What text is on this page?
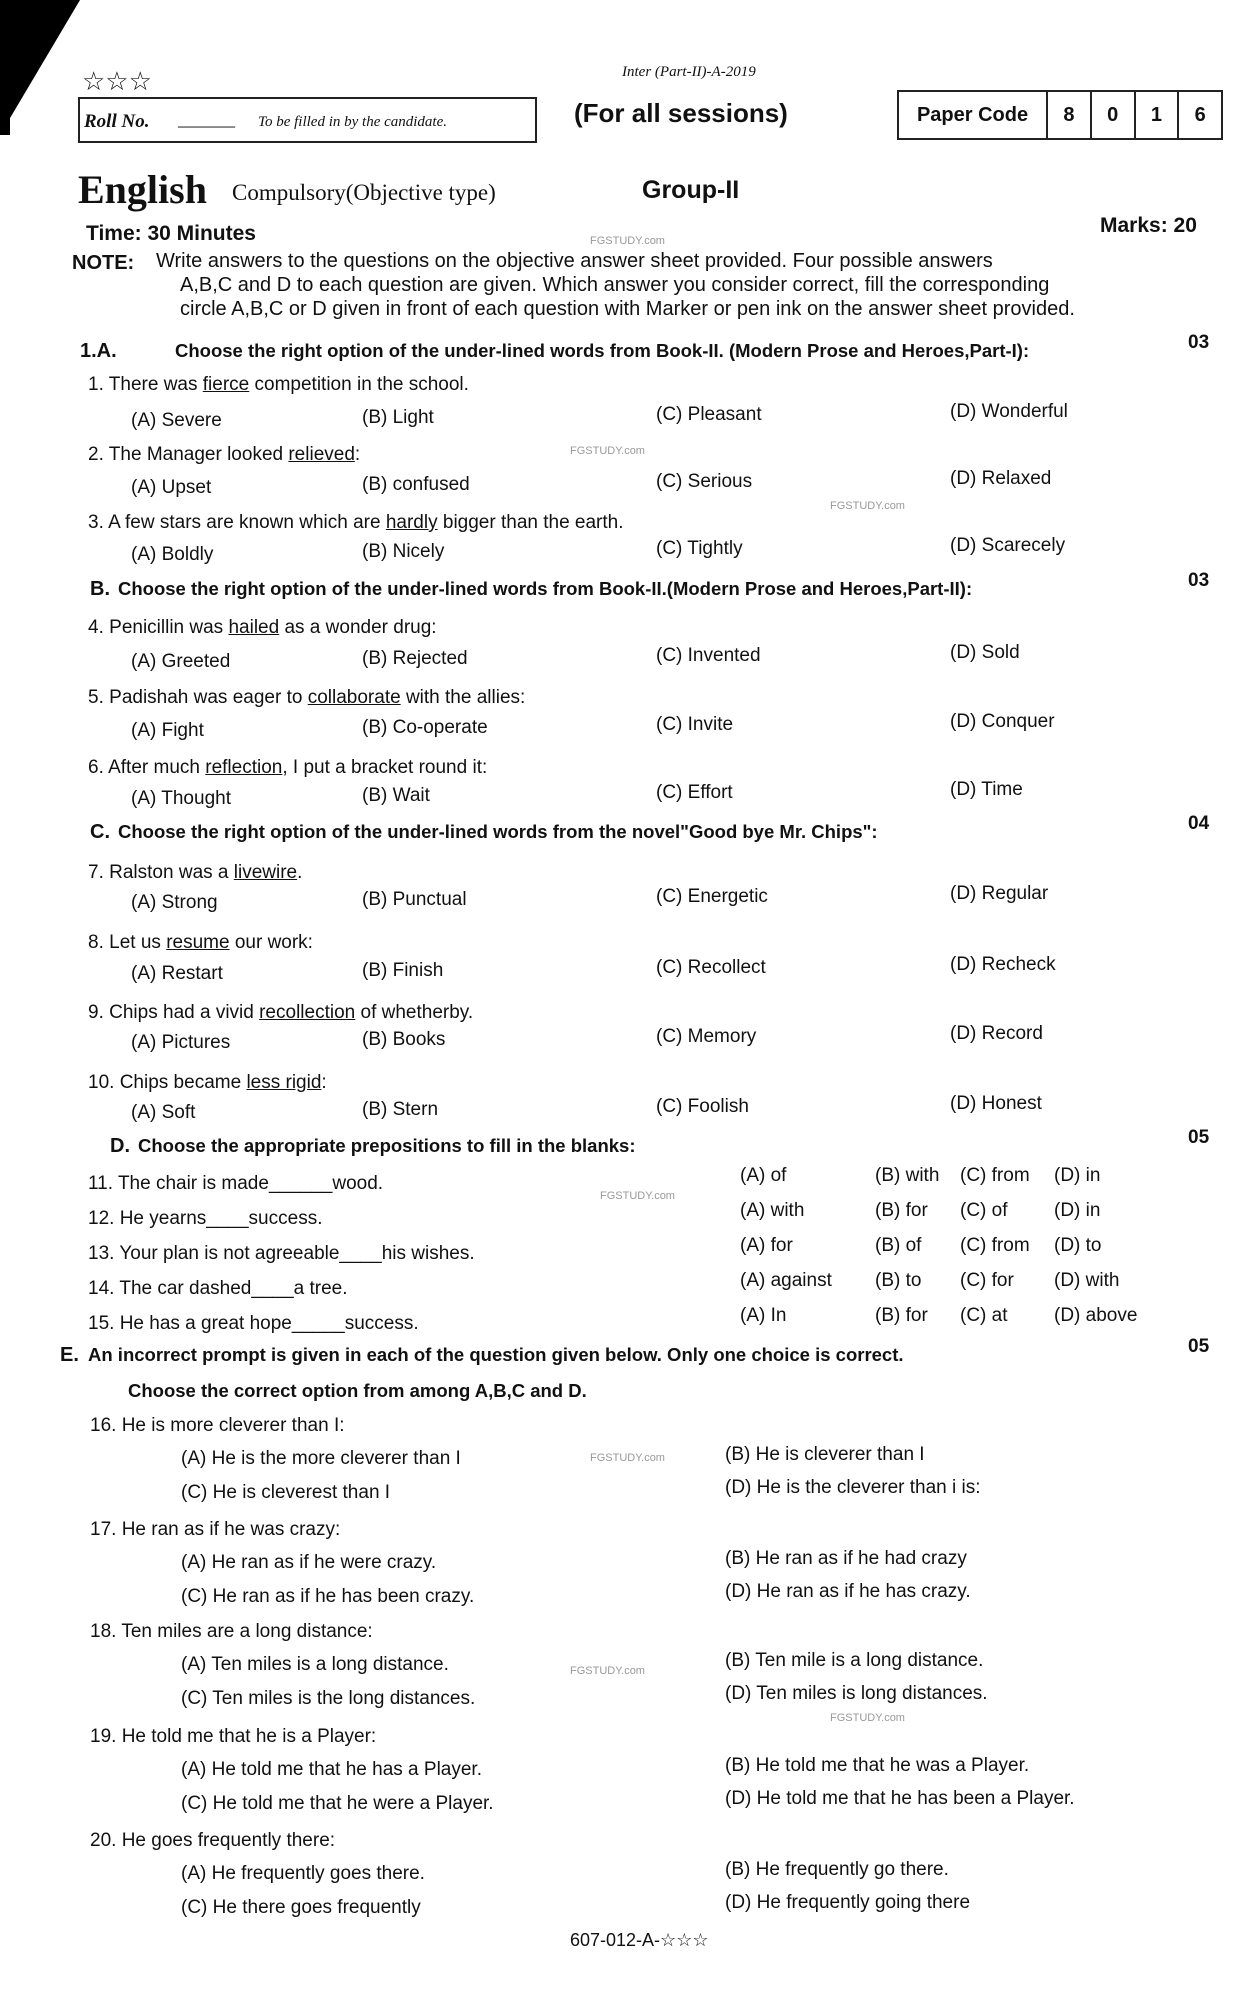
☆☆☆	Inter (Part-II)-A-2019
Roll No. ______ To be filled in by the candidate.	(For all sessions)	Paper Code	8	0	1	6
English Compulsory(Objective type)	Group-II
Time: 30 Minutes	Marks: 20
NOTE: Write answers to the questions on the objective answer sheet provided. Four possible answers
A,B,C and D to each question are given. Which answer you consider correct, fill the corresponding
circle A,B,C or D given in front of each question with Marker or pen ink on the answer sheet provided.
607-012-A-☆☆☆
1.A.	Choose the right option of the under-lined words from Book-II. (Modern Prose and Heroes,Part-I):	03
B. Choose the right option of the under-lined words from Book-II.(Modern Prose and Heroes,Part-II):	03
C. Choose the right option of the under-lined words from the novel"Good bye Mr. Chips":	04
D. Choose the appropriate prepositions to fill in the blanks:	05
E. An incorrect prompt is given in each of the question given below. Only one choice is correct.	05
Choose the correct option from among A,B,C and D.
1. There was fierce competition in the school.
(A) Severe	(B) Light	(C) Pleasant	(D) Wonderful
2. The Manager looked relieved:
(A) Upset	(B) confused	(C) Serious	(D) Relaxed
3. A few stars are known which are hardly bigger than the earth.
(A) Boldly	(B) Nicely	(C) Tightly	(D) Scarecely
4. Penicillin was hailed as a wonder drug:
(A) Greeted	(B) Rejected	(C) Invented	(D) Sold
5. Padishah was eager to collaborate with the allies:
(A) Fight	(B) Co-operate	(C) Invite	(D) Conquer
6. After much reflection, I put a bracket round it:
(A) Thought	(B) Wait	(C) Effort	(D) Time
7. Ralston was a livewire.
(A) Strong	(B) Punctual	(C) Energetic	(D) Regular
8. Let us resume our work:
(A) Restart	(B) Finish	(C) Recollect	(D) Recheck
9. Chips had a vivid recollection of whetherby.
(A) Pictures	(B) Books	(C) Memory	(D) Record
10. Chips became less rigid:
(A) Soft	(B) Stern	(C) Foolish	(D) Honest
11. The chair is made______wood.	(A) of	(B) with (C) from (D) in
12. He yearns____success.	(A) with	(B) for (C) of (D) in
13. Your plan is not agreeable____his wishes.	(A) for	(B) of (C) from (D) to
14. The car dashed____a tree.	(A) against (B) to (C) for (D) with
15. He has a great hope_____success.	(A) In	(B) for (C) at (D) above
16. He is more cleverer than I:
(A) He is the more cleverer than I	(B) He is cleverer than I
(C) He is cleverest than I	(D) He is the cleverer than i is:
17. He ran as if he was crazy:
(A) He ran as if he were crazy.	(B) He ran as if he had crazy
(C) He ran as if he has been crazy.	(D) He ran as if he has crazy.
18. Ten miles are a long distance:
(A) Ten miles is a long distance.	(B) Ten mile is a long distance.
(C) Ten miles is the long distances.	(D) Ten miles is long distances.
19. He told me that he is a Player:
(A) He told me that he has a Player.	(B) He told me that he was a Player.
(C) He told me that he were a Player.	(D) He told me that he has been a Player.
20. He goes frequently there:
(A) He frequently goes there.	(B) He frequently go there.
(C) He there goes frequently	(D) He frequently going there
FGSTUDY.com
FGSTUDY.com
FGSTUDY.com
FGSTUDY.com
FGSTUDY.com
FGSTUDY.com
FGSTUDY.com
